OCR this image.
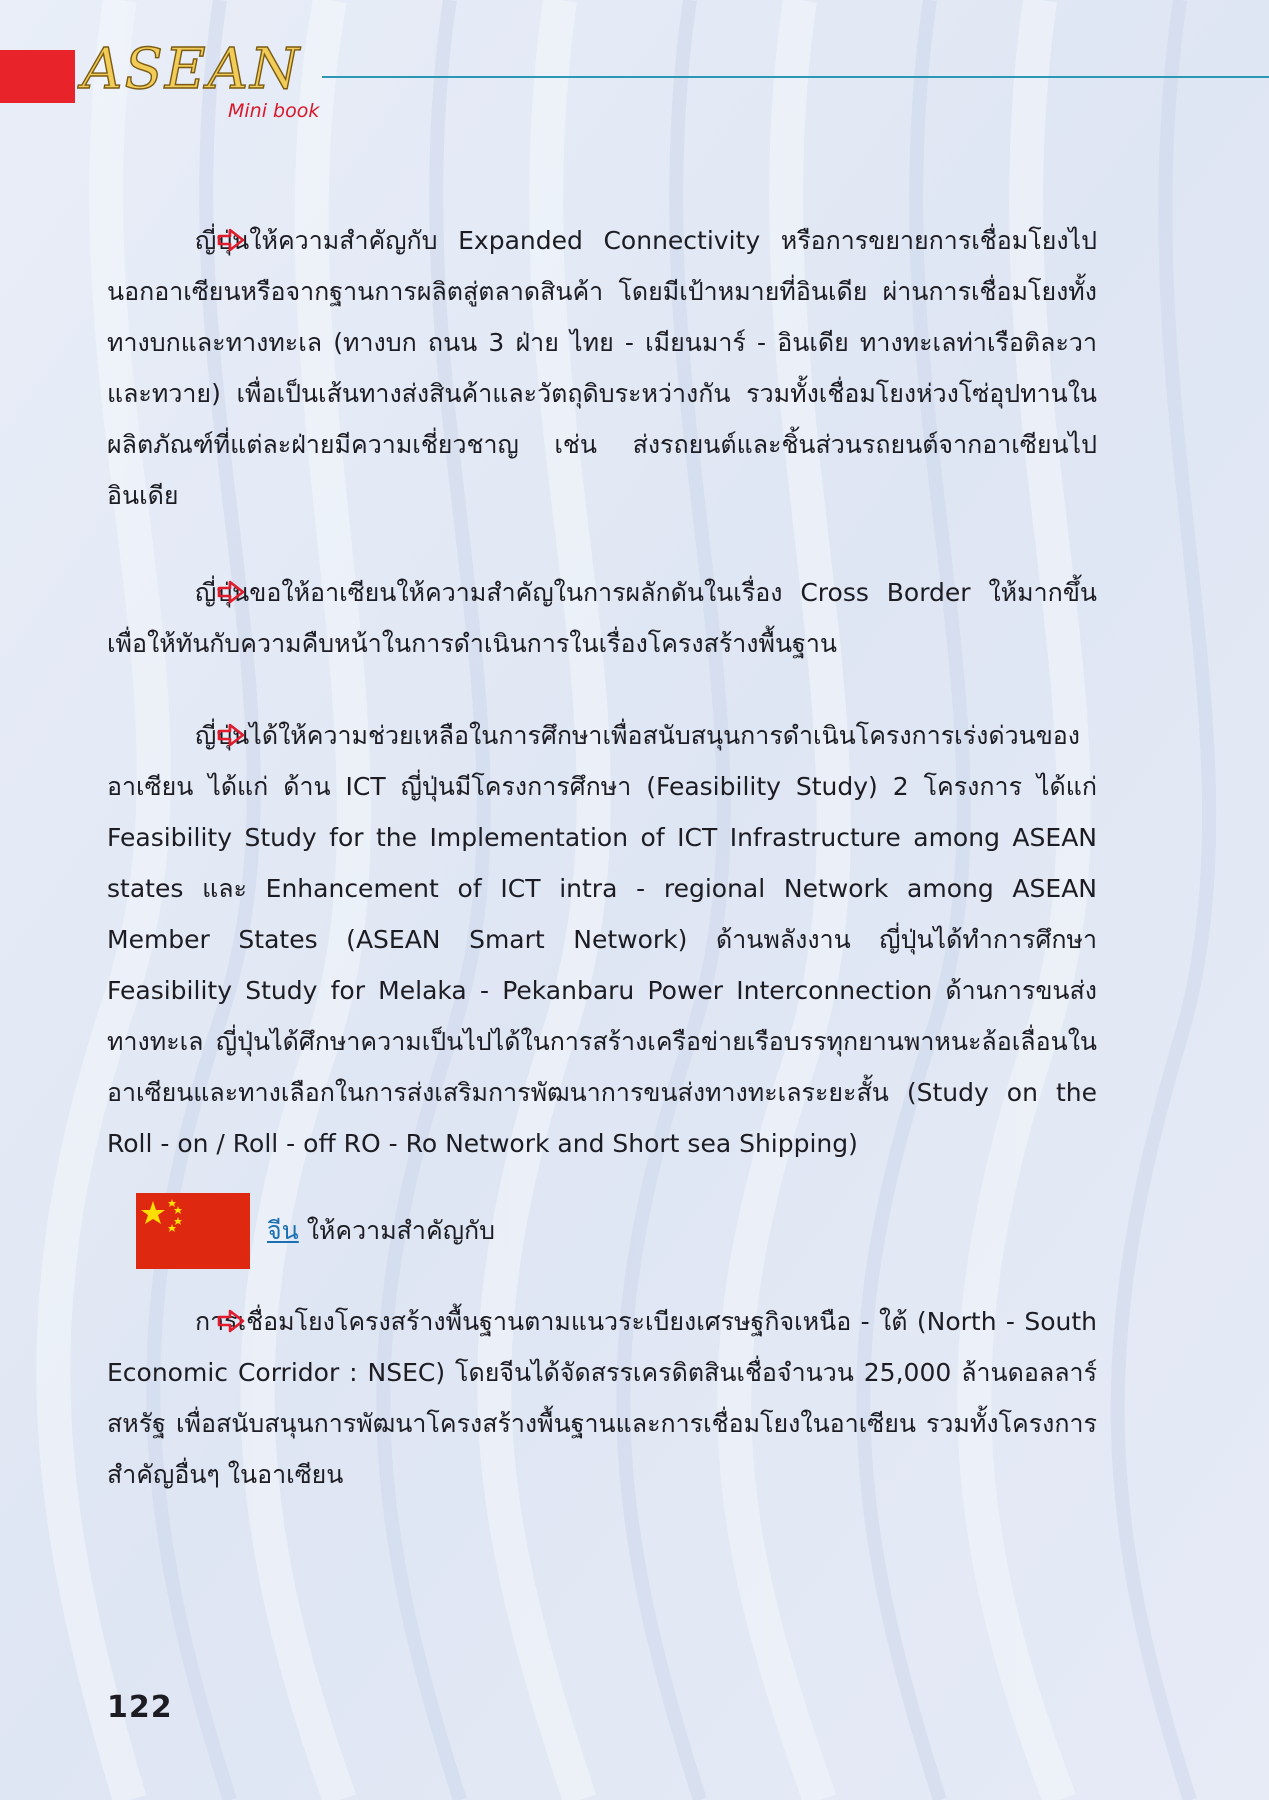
ASEAN
Mini book

ญี่ปุ่นให้ความสำคัญกับ Expanded Connectivity หรือการขยายการเชื่อมโยงไปนอกอาเซียนหรือจากฐานการผลิตสู่ตลาดสินค้า โดยมีเป้าหมายที่อินเดีย ผ่านการเชื่อมโยงทั้งทางบกและทางทะเล (ทางบก ถนน 3 ฝ่าย ไทย - เมียนมาร์ - อินเดีย ทางทะเลท่าเรือติละวาและทวาย) เพื่อเป็นเส้นทางส่งสินค้าและวัตถุดิบระหว่างกัน รวมทั้งเชื่อมโยงห่วงโซ่อุปทานในผลิตภัณฑ์ที่แต่ละฝ่ายมีความเชี่ยวชาญ เช่น ส่งรถยนต์และชิ้นส่วนรถยนต์จากอาเซียนไปอินเดีย

ญี่ปุ่นขอให้อาเซียนให้ความสำคัญในการผลักดันในเรื่อง Cross Border ให้มากขึ้น เพื่อให้ทันกับความคืบหน้าในการดำเนินการในเรื่องโครงสร้างพื้นฐาน

ญี่ปุ่นได้ให้ความช่วยเหลือในการศึกษาเพื่อสนับสนุนการดำเนินโครงการเร่งด่วนของอาเซียน ได้แก่ ด้าน ICT ญี่ปุ่นมีโครงการศึกษา (Feasibility Study) 2 โครงการ ได้แก่ Feasibility Study for the Implementation of ICT Infrastructure among ASEAN states และ Enhancement of ICT intra - regional Network among ASEAN Member States (ASEAN Smart Network) ด้านพลังงาน ญี่ปุ่นได้ทำการศึกษา Feasibility Study for Melaka - Pekanbaru Power Interconnection ด้านการขนส่งทางทะเล ญี่ปุ่นได้ศึกษาความเป็นไปได้ในการสร้างเครือข่ายเรือบรรทุกยานพาหนะล้อเลื่อนในอาเซียนและทางเลือกในการส่งเสริมการพัฒนาการขนส่งทางทะเลระยะสั้น (Study on the Roll - on / Roll - off RO - Ro Network and Short sea Shipping)

จีน ให้ความสำคัญกับ

การเชื่อมโยงโครงสร้างพื้นฐานตามแนวระเบียงเศรษฐกิจเหนือ - ใต้ (North - South Economic Corridor : NSEC) โดยจีนได้จัดสรรเครดิตสินเชื่อจำนวน 25,000 ล้านดอลลาร์สหรัฐ เพื่อสนับสนุนการพัฒนาโครงสร้างพื้นฐานและการเชื่อมโยงในอาเซียน รวมทั้งโครงการสำคัญอื่นๆ ในอาเซียน

122
